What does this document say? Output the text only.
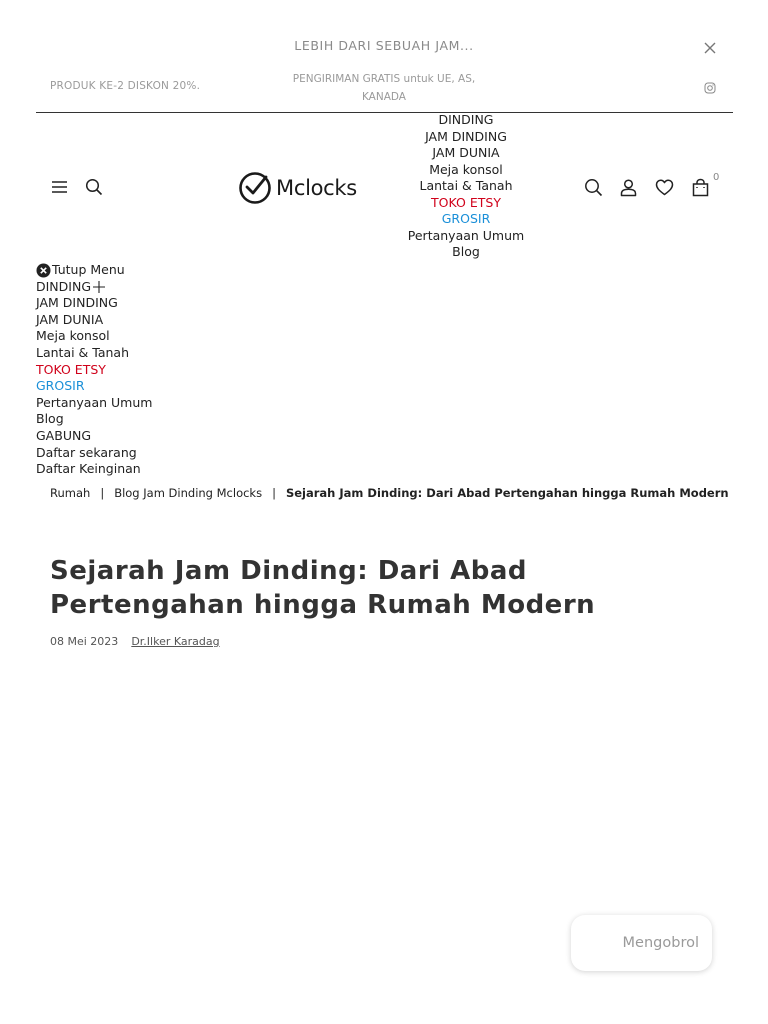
LEBIH DARI SEBUAH JAM...
PRODUK KE-2 DISKON 20%.
PENGIRIMAN GRATIS untuk UE, AS, KANADA
Mclocks
DINDING
JAM DINDING
JAM DUNIA
Meja konsol
Lantai & Tanah
TOKO ETSY
GROSIR
Pertanyaan Umum
Blog
0
Tutup Menu
DINDING
JAM DINDING
JAM DUNIA
Meja konsol
Lantai & Tanah
TOKO ETSY
GROSIR
Pertanyaan Umum
Blog
GABUNG
Daftar sekarang
Daftar Keinginan
Rumah | Blog Jam Dinding Mclocks | Sejarah Jam Dinding: Dari Abad Pertengahan hingga Rumah Modern
Sejarah Jam Dinding: Dari Abad Pertengahan hingga Rumah Modern
08 Mei 2023 Dr.Ilker Karadag
Mengobrol
